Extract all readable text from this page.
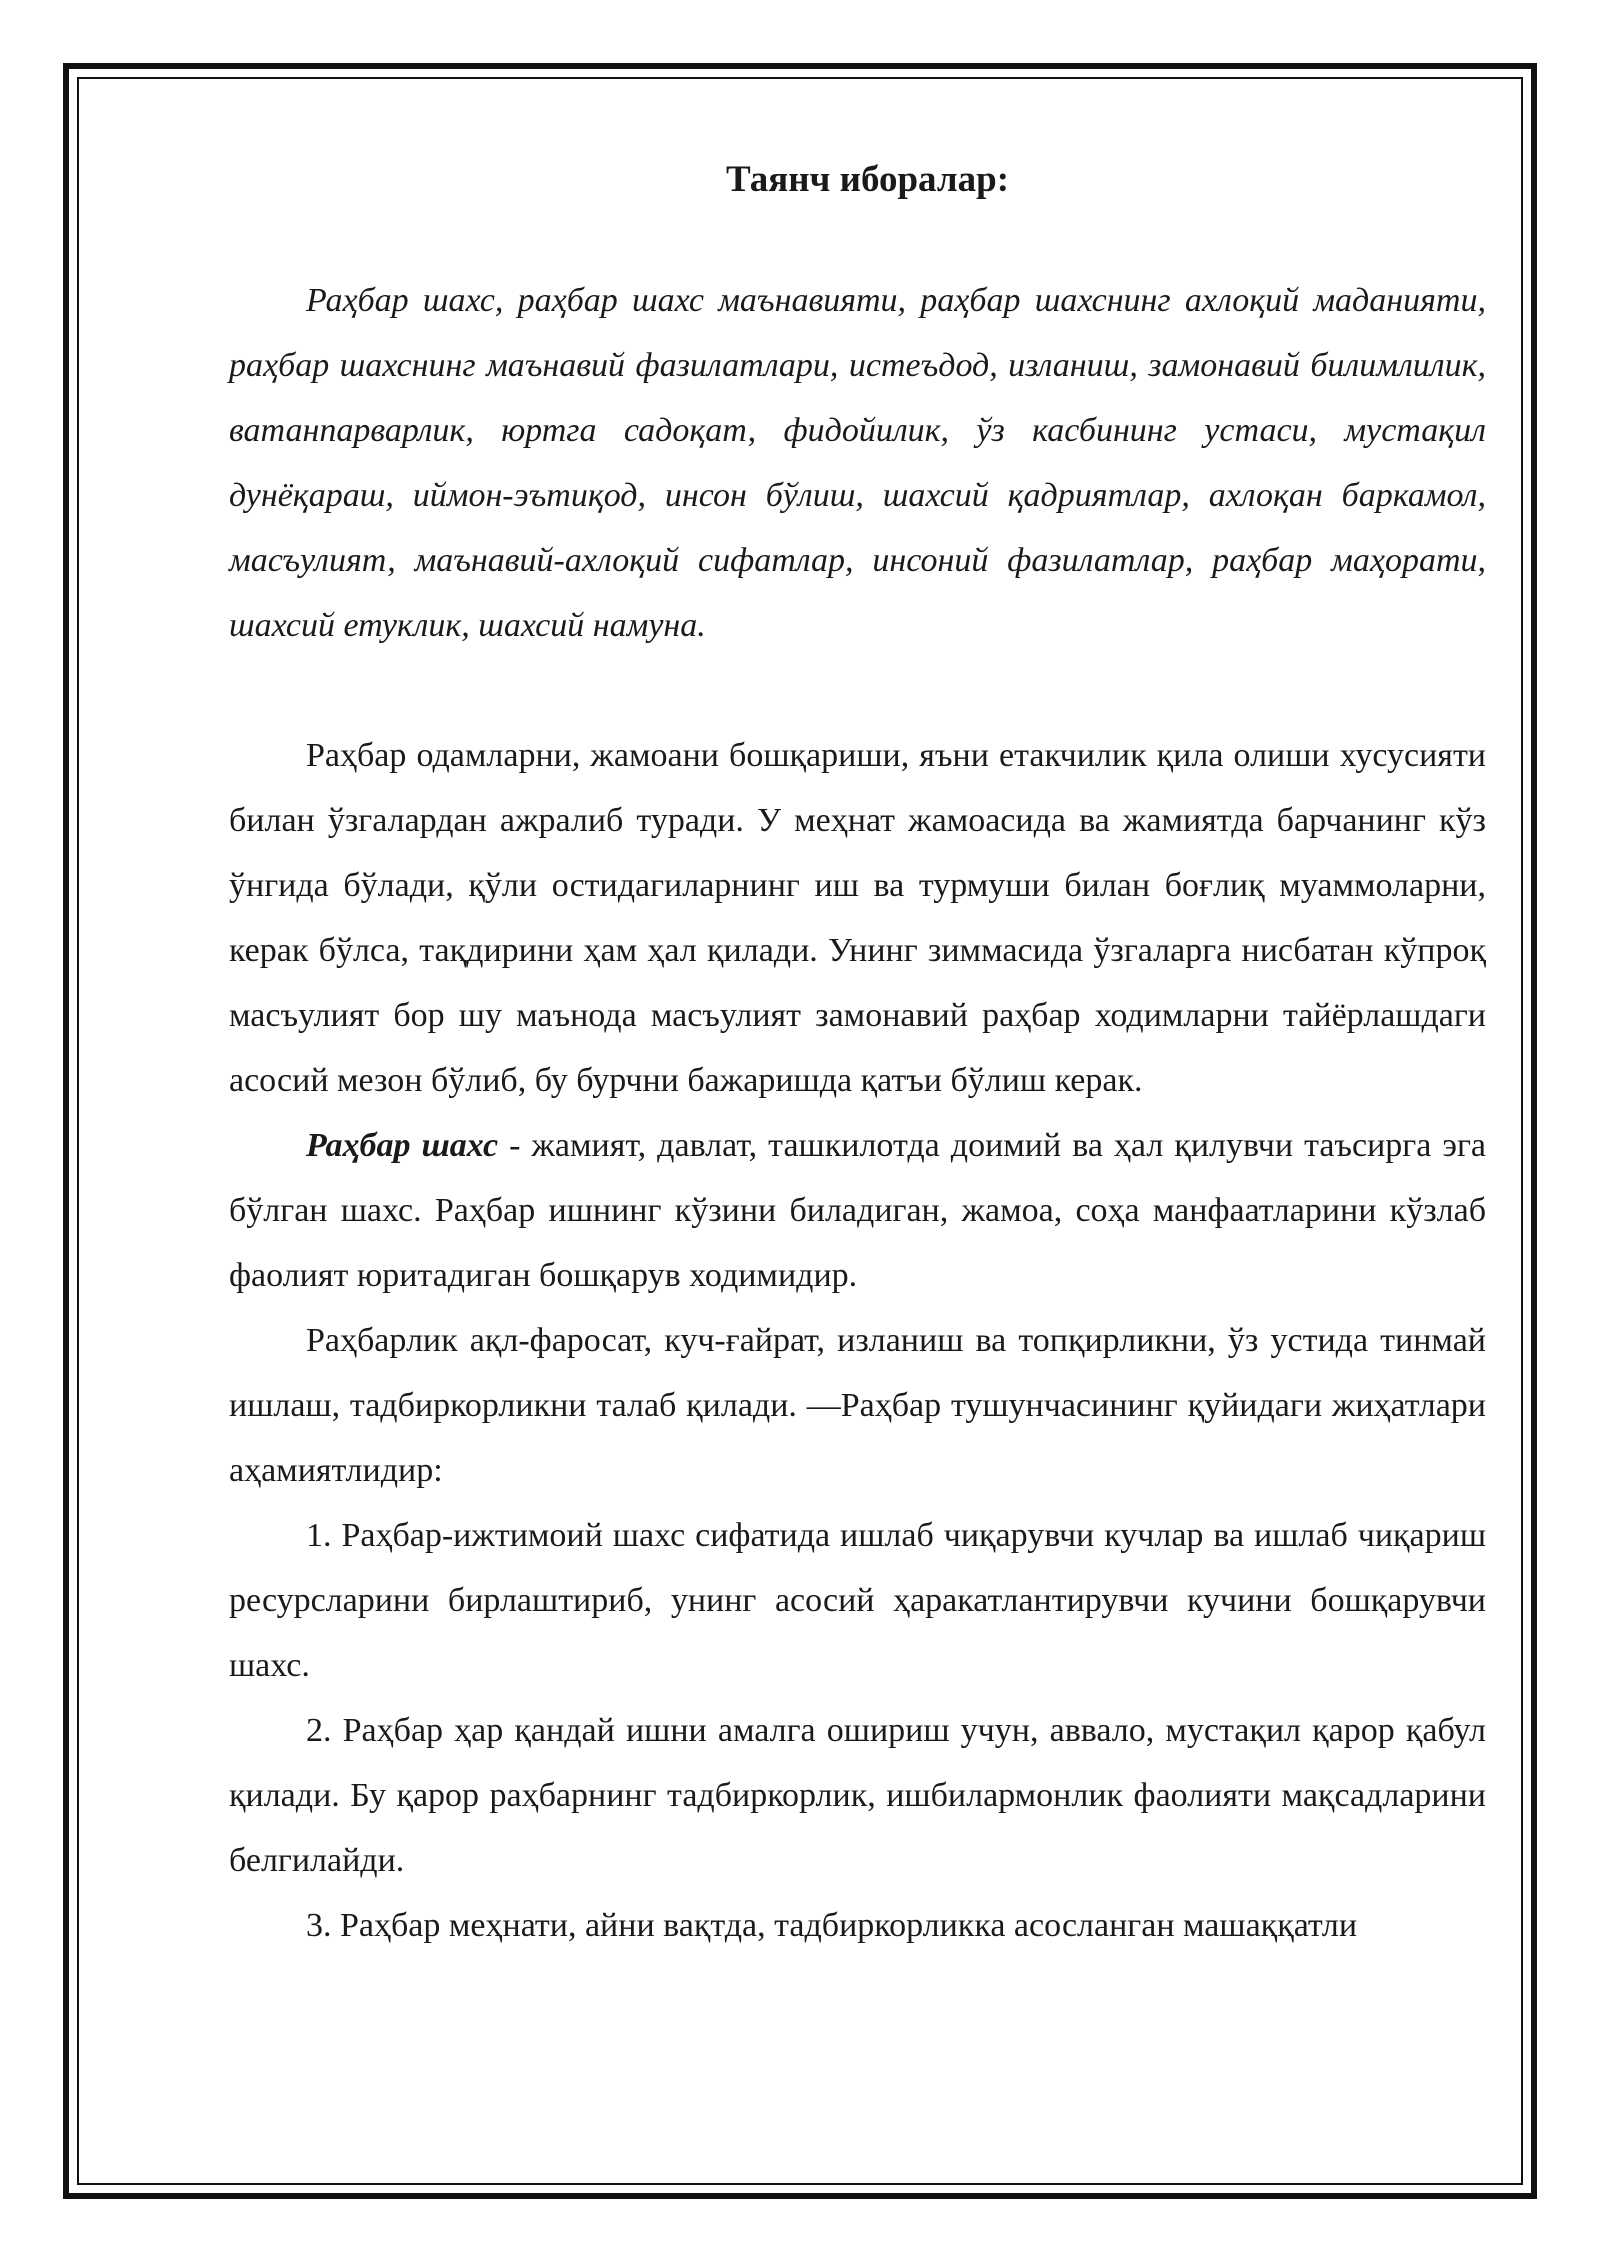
Таянч иборалар:

Раҳбар шахс, раҳбар шахс маънавияти, раҳбар шахснинг ахлоқий маданияти, раҳбар шахснинг маънавий фазилатлари, истеъдод, изланиш, замонавий билимлилик, ватанпарварлик, юртга садоқат, фидойилик, ўз касбининг устаси, мустақил дунёқараш, иймон-эътиқод, инсон бўлиш, шахсий қадриятлар, ахлоқан баркамол, масъулият, маънавий-ахлоқий сифатлар, инсоний фазилатлар, раҳбар маҳорати, шахсий етуклик, шахсий намуна.

Раҳбар одамларни, жамоани бошқариши, яъни етакчилик қила олиши хусусияти билан ўзгалардан ажралиб туради. У меҳнат жамоасида ва жамиятда барчанинг кўз ўнгида бўлади, қўли остидагиларнинг иш ва турмуши билан боғлиқ муаммоларни, керак бўлса, тақдирини ҳам ҳал қилади. Унинг зиммасида ўзгаларга нисбатан кўпроқ масъулият бор шу маънода масъулият замонавий раҳбар ходимларни тайёрлашдаги асосий мезон бўлиб, бу бурчни бажаришда қатъи бўлиш керак.

Раҳбар шахс - жамият, давлат, ташкилотда доимий ва ҳал қилувчи таъсирга эга бўлган шахс. Раҳбар ишнинг кўзини биладиган, жамоа, соҳа манфаатларини кўзлаб фаолият юритадиган бошқарув ходимидир.

Раҳбарлик ақл-фаросат, куч-ғайрат, изланиш ва топқирликни, ўз устида тинмай ишлаш, тадбиркорликни талаб қилади. ―Раҳбар тушунчасининг қуйидаги жиҳатлари аҳамиятлидир:

1. Раҳбар-ижтимоий шахс сифатида ишлаб чиқарувчи кучлар ва ишлаб чиқариш ресурсларини бирлаштириб, унинг асосий ҳаракатлантирувчи кучини бошқарувчи шахс.

2. Раҳбар ҳар қандай ишни амалга ошириш учун, аввало, мустақил қарор қабул қилади. Бу қарор раҳбарнинг тадбиркорлик, ишбилармонлик фаолияти мақсадларини белгилайди.

3. Раҳбар меҳнати, айни вақтда, тадбиркорликка асосланган машаққатли
